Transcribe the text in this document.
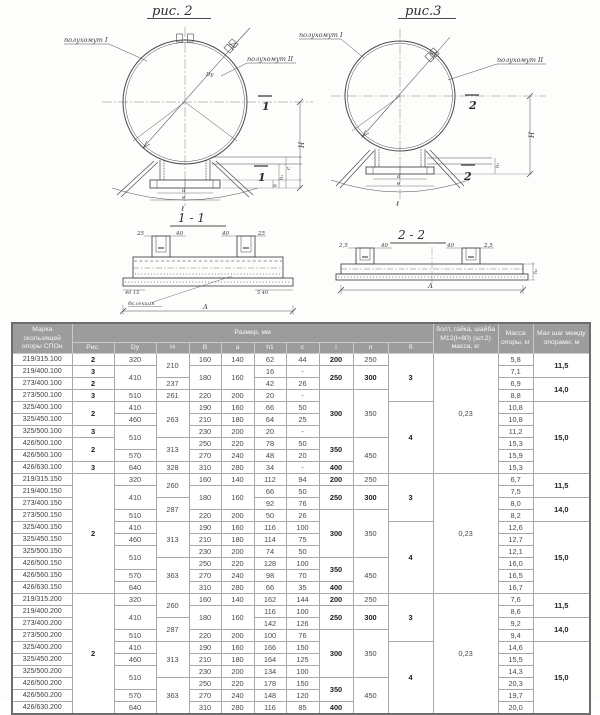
рис. 2
Dy
полухомут I
полухомут II
1
1
ℓ
а
в
Н
с
h₁
б
рис.3
полухомут I
полухомут II
2
2
ℓ
а
в
Н
h₁
1 - 1
25	40	40	25
40 15	5 40
бк.секция	А
2 - 2
2,5	40	40	2,5
h₁
А
Марка скользящей опоры СПОн	Размер, мм										болт, гайка, шайба М12(l=80) (шт.2) масса, кг	Масса опоры, кг	Мах шаг между опорами, м
	Рис.	Dy	Н	В	а	h1	с	l	л	б			
219/315.100	2	320	210	160	140	62	44	200	250	3	0,23	5,8	11,5
219/400.100	3	410		180	160	16	-	250	300			7,1	
273/400.100	2		237			42	26					6,9	14,0
273/500.100	3	510	261	220	200	20	-	300	350			8,8	
325/400.100	2	410	263	190	160	66	50			4		10,8	15,0
325/450.100		460		210	180	64	25					10,8	
325/500.100	3	510		230	200	20	-					11,2	
426/500.100	2		313	250	220	78	50	350	450			15,3	
426/560.100		570		270	240	48	20					15,9	
426/630.100	3	640	328	310	280	34	-	400				15,3	
219/315.150	2	320	260	160	140	112	94	200	250	3	0,23	6,7	11,5
219/400.150		410		180	160	66	50	250	300			7,5	
273/400.150			287			92	76					8,0	14,0
273/500.150		510		220	200	50	26	300	350			8,2	
325/400.150		410	313	190	160	116	100			4		12,6	15,0
325/450.150		460		210	180	114	75					12,7	
325/500.150		510		230	200	74	50					12,1	
426/500.150			363	250	220	128	100	350	450			16,0	
426/560.150		570		270	240	98	70					16,5	
426/630.150		640		310	280	66	35	400				16,7	
219/315.200	2	320	260	160	140	162	144	200	250	3	0,23	7,6	11,5
219/400.200		410		180	160	116	100	250	300			8,6	
273/400.200			287			142	126					9,2	14,0
273/500.200		510		220	200	100	76	300	350			9,4	
325/400.200		410	313	190	160	166	150			4		14,6	15,0
325/450.200		460		210	180	164	125					15,5	
325/500.200		510		230	200	134	100					14,3	
426/500.200			363	250	220	178	150	350	450			20,3	
426/560.200		570		270	240	148	120					19,7	
426/630.200		640		310	280	116	85	400				20,0	
